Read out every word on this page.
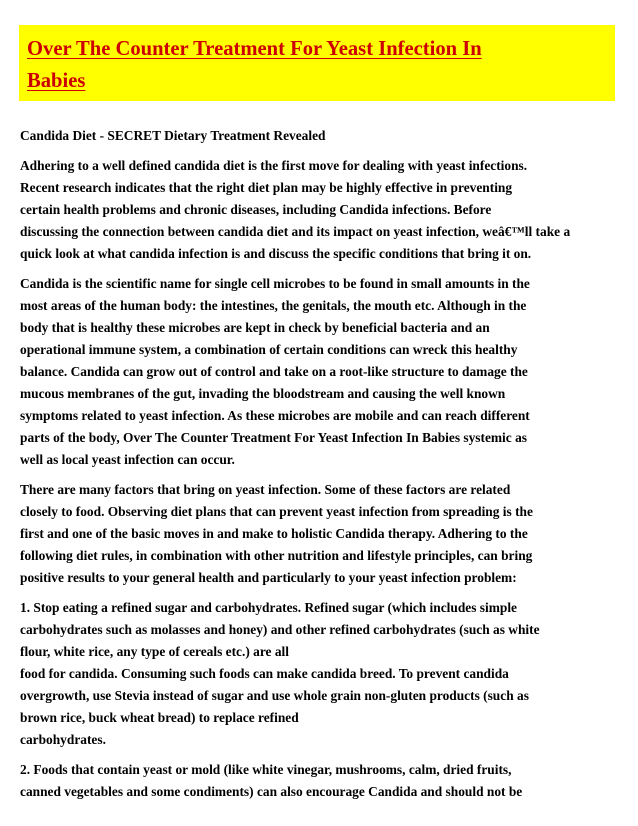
Over The Counter Treatment For Yeast Infection In
Babies
Candida Diet - SECRET Dietary Treatment Revealed
Adhering to a well defined candida diet is the first move for dealing with yeast infections.
Recent research indicates that the right diet plan may be highly effective in preventing
certain health problems and chronic diseases, including Candida infections. Before
discussing the connection between candida diet and its impact on yeast infection, weâ€™ll take a
quick look at what candida infection is and discuss the specific conditions that bring it on.
Candida is the scientific name for single cell microbes to be found in small amounts in the
most areas of the human body: the intestines, the genitals, the mouth etc. Although in the
body that is healthy these microbes are kept in check by beneficial bacteria and an
operational immune system, a combination of certain conditions can wreck this healthy
balance. Candida can grow out of control and take on a root-like structure to damage the
mucous membranes of the gut, invading the bloodstream and causing the well known
symptoms related to yeast infection. As these microbes are mobile and can reach different
parts of the body, Over The Counter Treatment For Yeast Infection In Babies systemic as
well as local yeast infection can occur.
There are many factors that bring on yeast infection. Some of these factors are related
closely to food. Observing diet plans that can prevent yeast infection from spreading is the
first and one of the basic moves in and make to holistic Candida therapy. Adhering to the
following diet rules, in combination with other nutrition and lifestyle principles, can bring
positive results to your general health and particularly to your yeast infection problem:
1. Stop eating a refined sugar and carbohydrates. Refined sugar (which includes simple
carbohydrates such as molasses and honey) and other refined carbohydrates (such as white
flour, white rice, any type of cereals etc.) are all
food for candida. Consuming such foods can make candida breed. To prevent candida
overgrowth, use Stevia instead of sugar and use whole grain non-gluten products (such as
brown rice, buck wheat bread) to replace refined
carbohydrates.
2. Foods that contain yeast or mold (like white vinegar, mushrooms, calm, dried fruits,
canned vegetables and some condiments) can also encourage Candida and should not be
